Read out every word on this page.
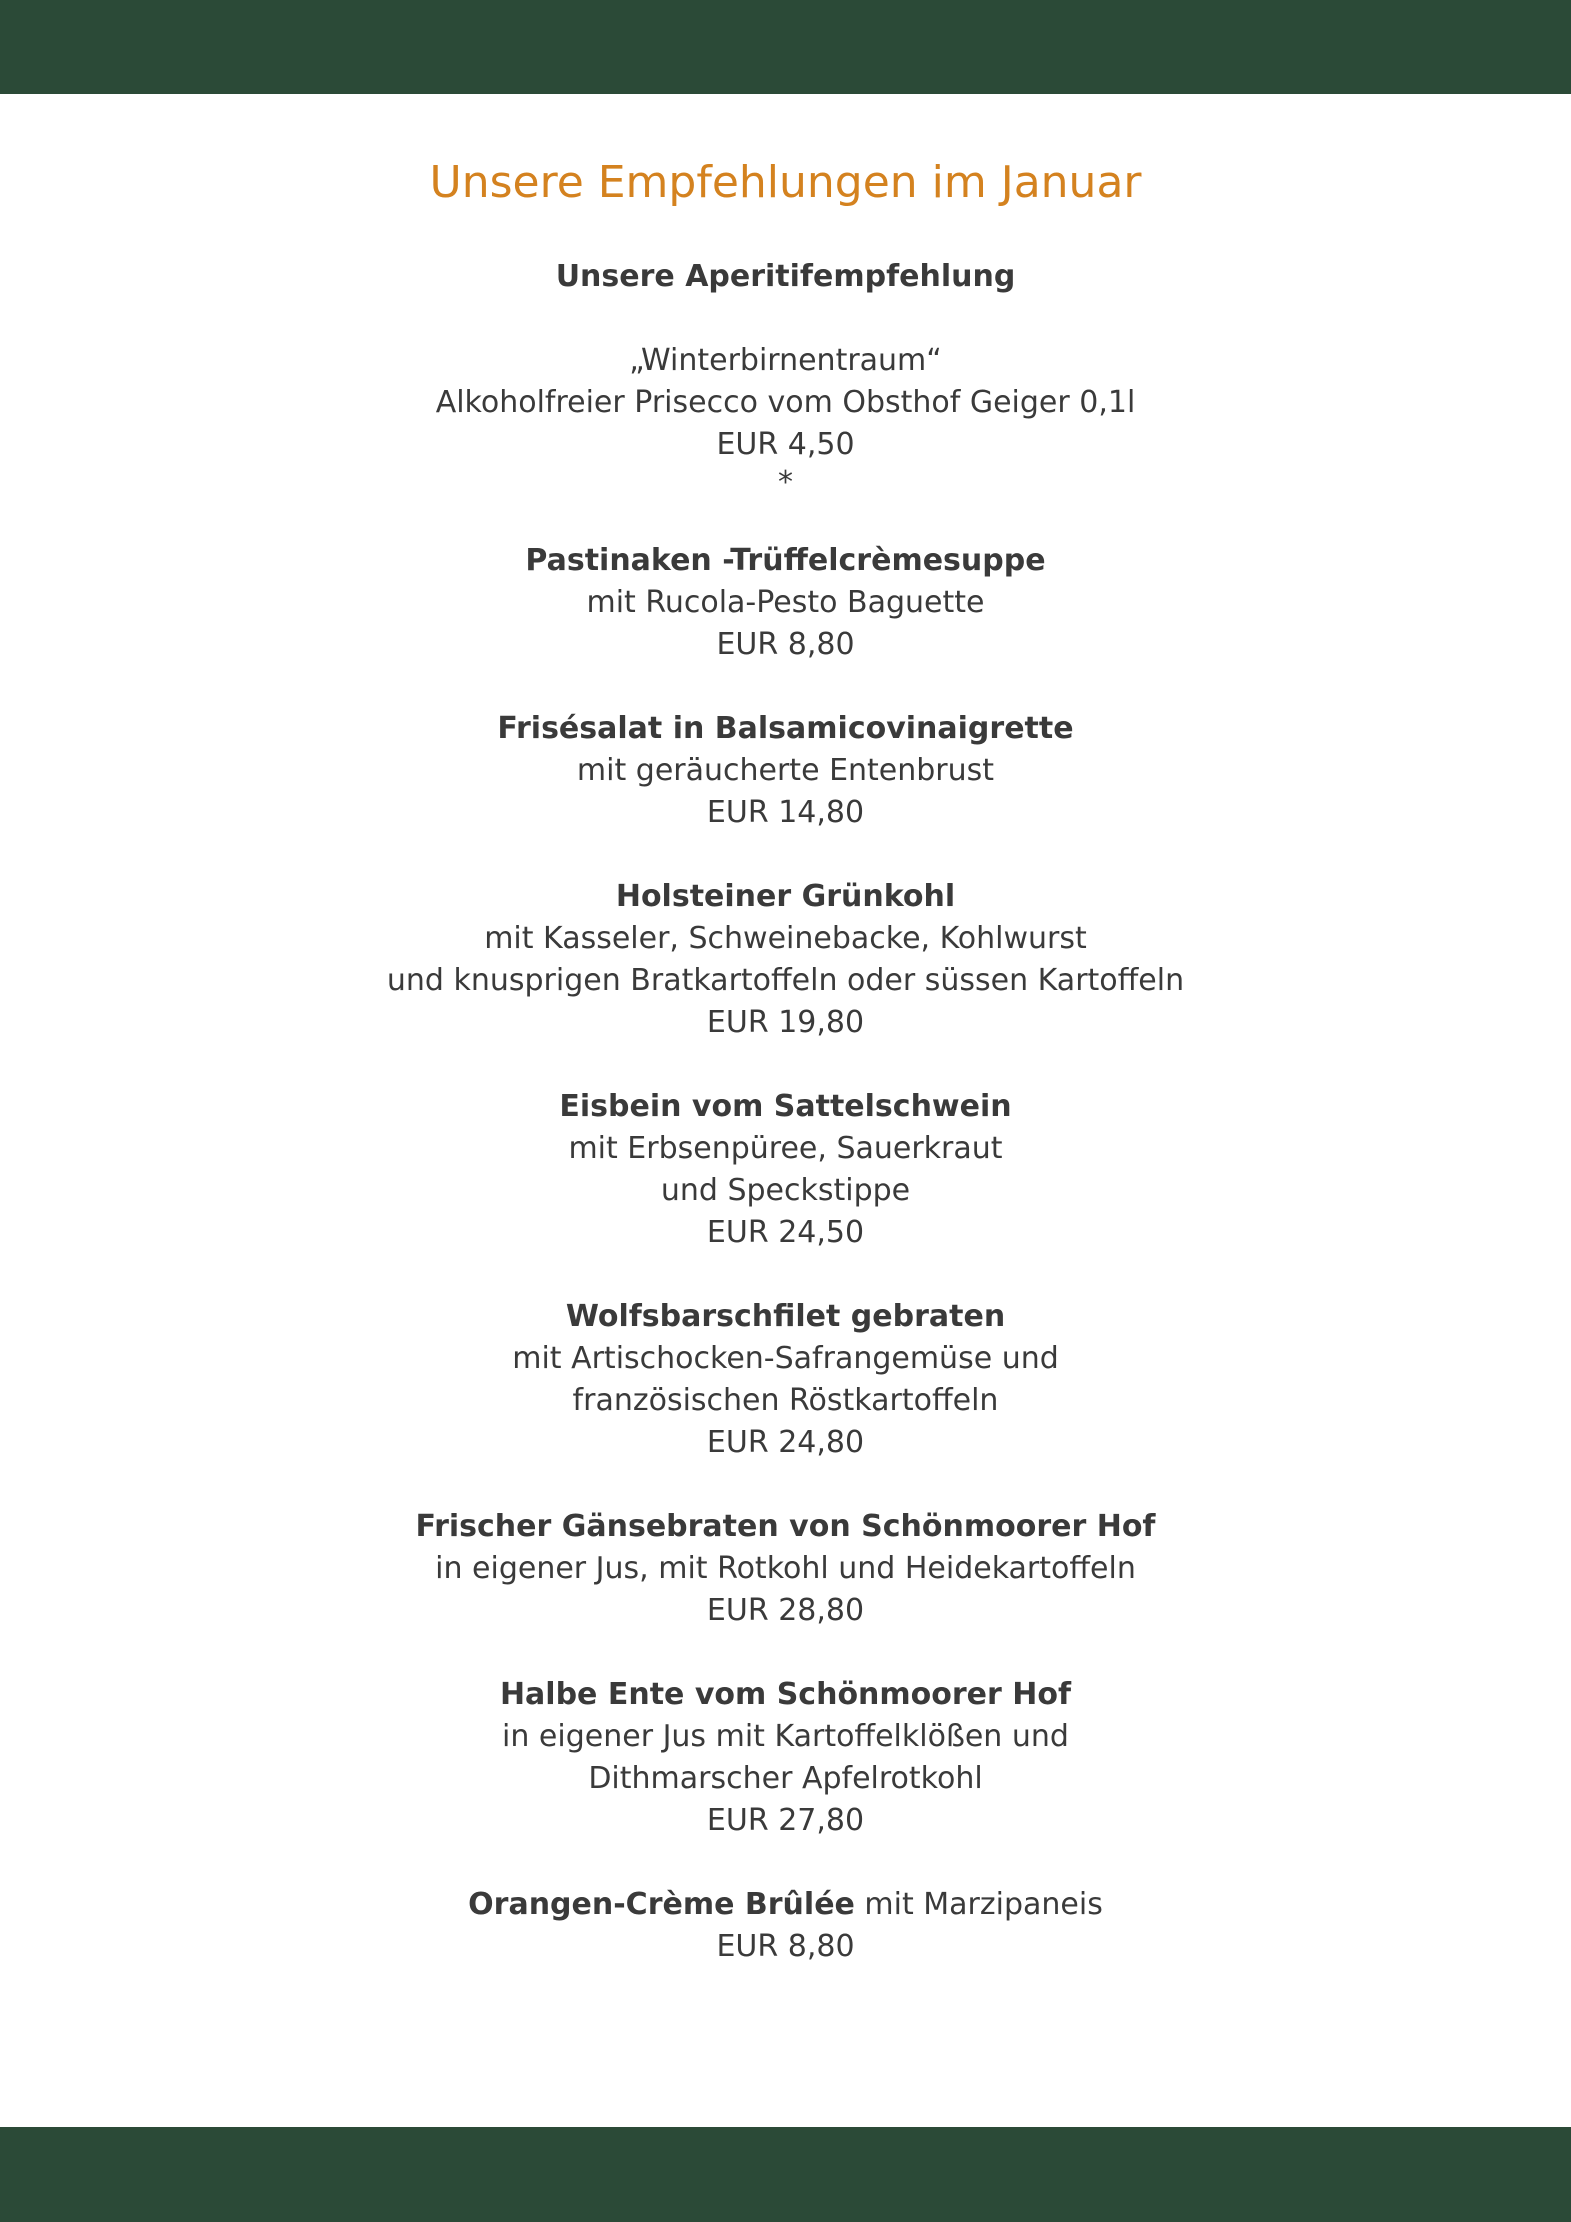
Unsere Empfehlungen im Januar

Unsere Aperitifempfehlung

„Winterbirnentraum“

Alkoholfreier Prisecco vom Obsthof Geiger 0,1l

EUR 4,50

*

Pastinaken -Trüffelcrèmesuppe

mit Rucola-Pesto Baguette

EUR 8,80

Frisésalat in Balsamicovinaigrette

mit geräucherte Entenbrust

EUR 14,80

Holsteiner Grünkohl

mit Kasseler, Schweinebacke, Kohlwurst

und knusprigen Bratkartoffeln oder süssen Kartoffeln

EUR 19,80

Eisbein vom Sattelschwein

mit Erbsenpüree, Sauerkraut

und Speckstippe

EUR 24,50

Wolfsbarschfilet gebraten

mit Artischocken-Safrangemüse und

französischen Röstkartoffeln

EUR 24,80

Frischer Gänsebraten von Schönmoorer Hof

in eigener Jus, mit Rotkohl und Heidekartoffeln

EUR 28,80

Halbe Ente vom Schönmoorer Hof

in eigener Jus mit Kartoffelklößen und

Dithmarscher Apfelrotkohl

EUR 27,80

Orangen-Crème Brûlée mit Marzipaneis

EUR 8,80
